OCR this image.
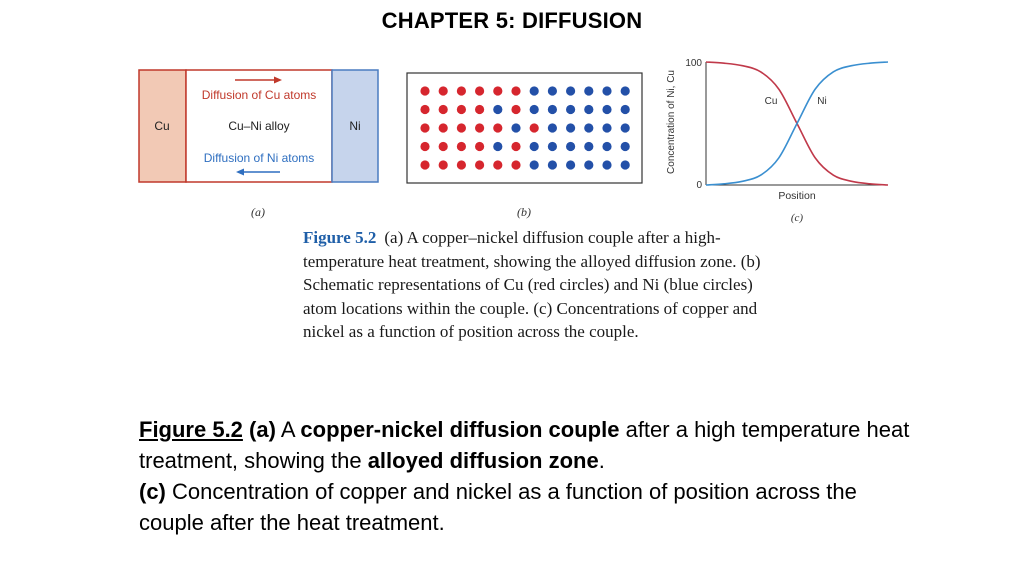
CHAPTER 5: DIFFUSION
Cu	Cu–Ni alloy	Ni
Diffusion of Cu atoms
Diffusion of Ni atoms
(a)	(b)
Concentration of Ni, Cu
100
0
Cu	Ni
Position
(c)
Figure 5.2 (a) A copper–nickel diffusion couple after a high-temperature heat treatment, showing the alloyed diffusion zone. (b) Schematic representations of Cu (red circles) and Ni (blue circles) atom locations within the couple. (c) Concentrations of copper and nickel as a function of position across the couple.
Figure 5.2 (a) A copper-nickel diffusion couple after a high temperature heat treatment, showing the alloyed diffusion zone.
(c) Concentration of copper and nickel as a function of position across the couple after the heat treatment.
